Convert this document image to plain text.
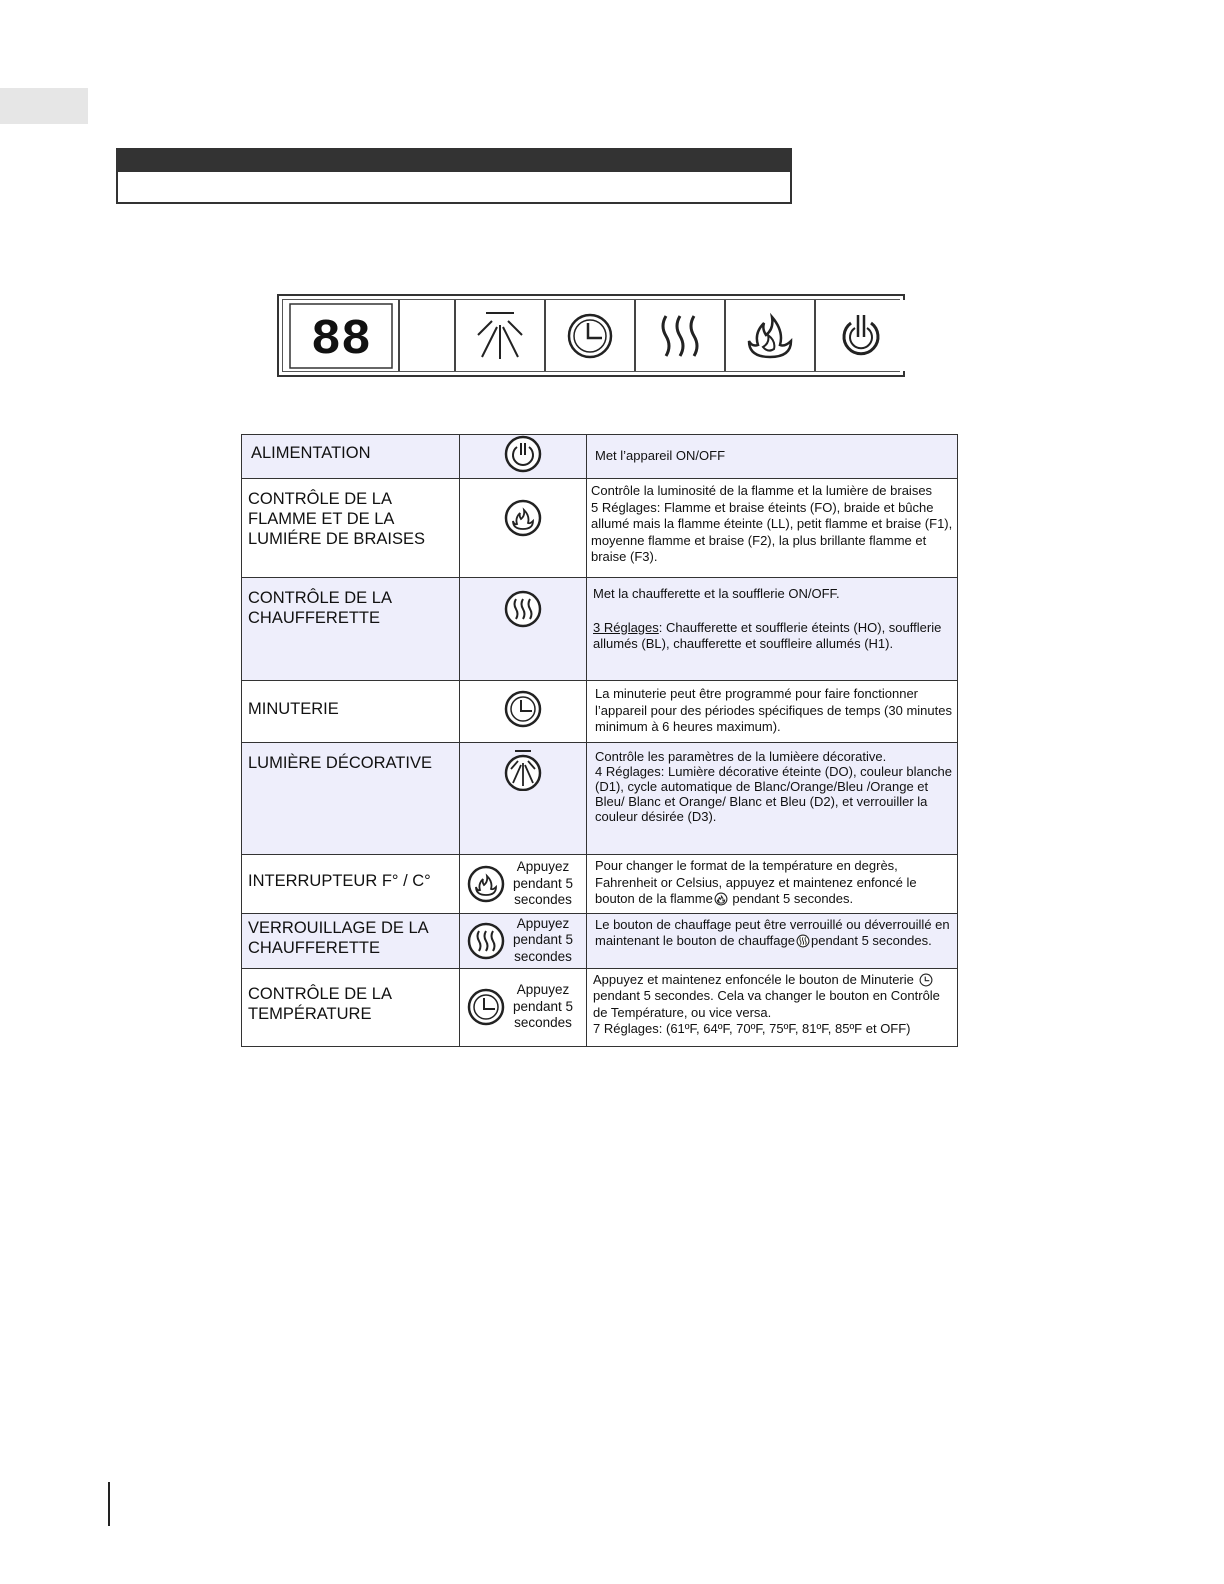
88
ALIMENTATION		Met l’appareil ON/OFF

CONTRÔLE DE LA FLAMME ET DE LA LUMIÉRE DE BRAISES		Contrôle la luminosité de la flamme et la lumière de braises
5 Réglages: Flamme et braise éteints (FO), braide et bûche allumé mais la flamme éteinte (LL), petit flamme et braise (F1), moyenne flamme et braise (F2), la plus brillante flamme et braise (F3).

CONTRÔLE DE LA CHAUFFERETTE		Met la chaufferette et la soufflerie ON/OFF.
3 Réglages: Chaufferette et soufflerie éteints (HO), soufflerie allumés (BL), chaufferette et souffleire allumés (H1).

MINUTERIE		La minuterie peut être programmé pour faire fonctionner l’appareil pour des périodes spécifiques de temps (30 minutes minimum à 6 heures maximum).

LUMIÈRE DÉCORATIVE		Contrôle les paramètres de la lumièere décorative.
4 Réglages: Lumière décorative éteinte (DO), couleur blanche (D1), cycle automatique de Blanc/Orange/Bleu /Orange et Bleu/ Blanc et Orange/ Blanc et Bleu (D2), et verrouiller la couleur désirée (D3).

INTERRUPTEUR F° / C°	Appuyez pendant 5 secondes	Pour changer le format de la température en degrès, Fahrenheit or Celsius, appuyez et maintenez enfoncé le bouton de la flamme pendant 5 secondes.
VERROUILLAGE DE LA CHAUFFERETTE	Appuyez pendant 5 secondes	Le bouton de chauffage peut être verrouillé ou déverrouillé en maintenant le bouton de chauffage pendant 5 secondes.
CONTRÔLE DE LA TEMPÉRATURE	Appuyez pendant 5 secondes	Appuyez et maintenez enfoncéle le bouton de Minuterie  pendant 5 secondes. Cela va changer le bouton en Contrôle de Température, ou vice versa.
7 Réglages: (61ºF, 64ºF, 70ºF, 75ºF, 81ºF, 85ºF et OFF)
